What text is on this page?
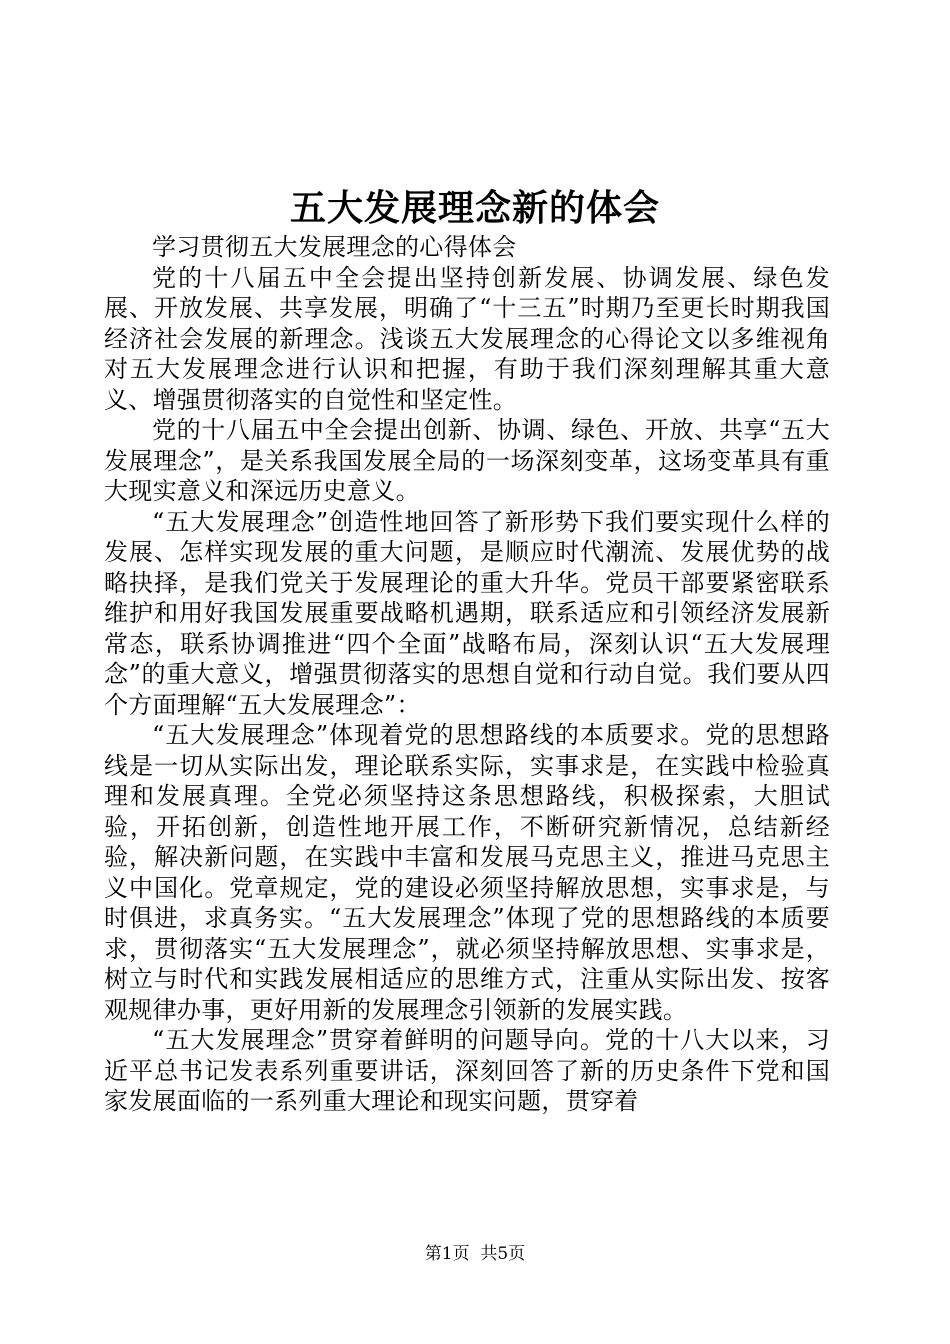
五大发展理念新的体会

学习贯彻五大发展理念的心得体会

党的十八届五中全会提出坚持创新发展、协调发展、绿色发展、开放发展、共享发展，明确了“十三五”时期乃至更长时期我国经济社会发展的新理念。浅谈五大发展理念的心得论文以多维视角对五大发展理念进行认识和把握，有助于我们深刻理解其重大意义、增强贯彻落实的自觉性和坚定性。

党的十八届五中全会提出创新、协调、绿色、开放、共享“五大发展理念”，是关系我国发展全局的一场深刻变革，这场变革具有重大现实意义和深远历史意义。

“五大发展理念”创造性地回答了新形势下我们要实现什么样的发展、怎样实现发展的重大问题，是顺应时代潮流、发展优势的战略抉择，是我们党关于发展理论的重大升华。党员干部要紧密联系维护和用好我国发展重要战略机遇期，联系适应和引领经济发展新常态，联系协调推进“四个全面”战略布局，深刻认识“五大发展理念”的重大意义，增强贯彻落实的思想自觉和行动自觉。我们要从四个方面理解“五大发展理念”：

“五大发展理念”体现着党的思想路线的本质要求。党的思想路线是一切从实际出发，理论联系实际，实事求是，在实践中检验真理和发展真理。全党必须坚持这条思想路线，积极探索，大胆试验，开拓创新，创造性地开展工作，不断研究新情况，总结新经验，解决新问题，在实践中丰富和发展马克思主义，推进马克思主义中国化。党章规定，党的建设必须坚持解放思想，实事求是，与时俱进，求真务实。“五大发展理念”体现了党的思想路线的本质要求，贯彻落实“五大发展理念”，就必须坚持解放思想、实事求是，树立与时代和实践发展相适应的思维方式，注重从实际出发、按客观规律办事，更好用新的发展理念引领新的发展实践。

“五大发展理念”贯穿着鲜明的问题导向。党的十八大以来，习近平总书记发表系列重要讲话，深刻回答了新的历史条件下党和国家发展面临的一系列重大理论和现实问题，贯穿着

第1页 共5页
